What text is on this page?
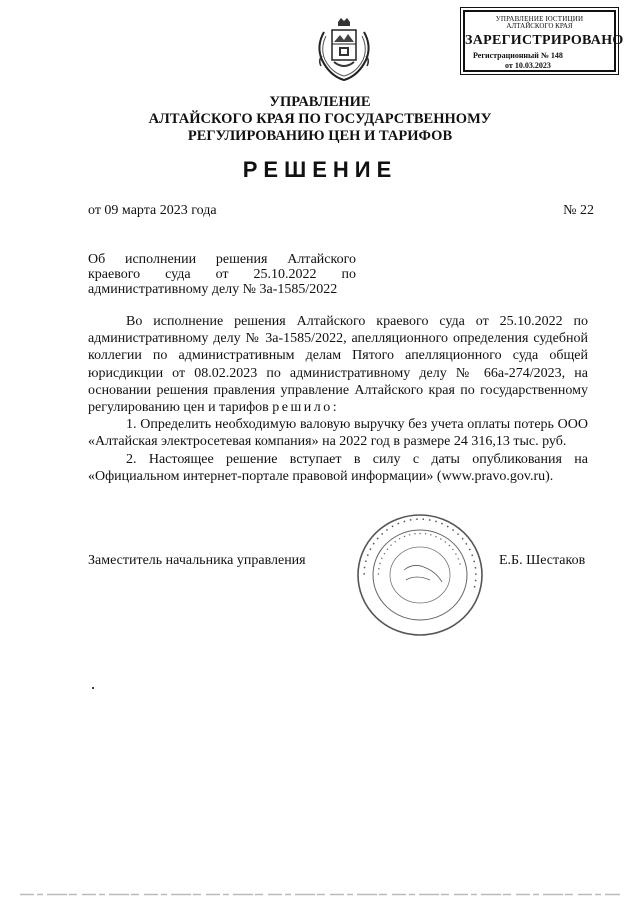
УПРАВЛЕНИЕ ЮСТИЦИИ
АЛТАЙСКОГО КРАЯ
ЗАРЕГИСТРИРОВАНО
Регистрационный № 148
от 10.03.2023
УПРАВЛЕНИЕ
АЛТАЙСКОГО КРАЯ ПО ГОСУДАРСТВЕННОМУ
РЕГУЛИРОВАНИЮ ЦЕН И ТАРИФОВ
РЕШЕНИЕ
от 09 марта 2023 года	№ 22
Об исполнении решения Алтайского
краевого суда от 25.10.2022 по
административному делу № 3а-1585/2022

Во исполнение решения Алтайского краевого суда от 25.10.2022 по административному делу № 3а-1585/2022, апелляционного определения судебной коллегии по административным делам Пятого апелляционного суда общей юрисдикции от 08.02.2023 по административному делу № 66а-274/2023, на основании решения правления управление Алтайского края по государственному регулированию цен и тарифов решило:

1. Определить необходимую валовую выручку без учета оплаты потерь ООО «Алтайская электросетевая компания» на 2022 год в размере 24 316,13 тыс. руб.

2. Настоящее решение вступает в силу с даты опубликования на «Официальном интернет-портале правовой информации» (www.pravo.gov.ru).

▪ ▪ ▪ ▪ ▪ ▪ ▪ ▪ ▪ ▪ ▪ ▪ ▪ ▪ ▪ ▪ ▪ ▪ ▪ ▪ ▪ ▪ ▪ ▪ ▪ ▪ ▪ ▪ ▪ ▪
▪ ▪ ▪ ▪ ▪ ▪ ▪ ▪ ▪ ▪ ▪ ▪ ▪ ▪ ▪ ▪ ▪ ▪ ▪ ▪ ▪ ▪ ▪
Заместитель начальника управления	Е.Б. Шестаков
